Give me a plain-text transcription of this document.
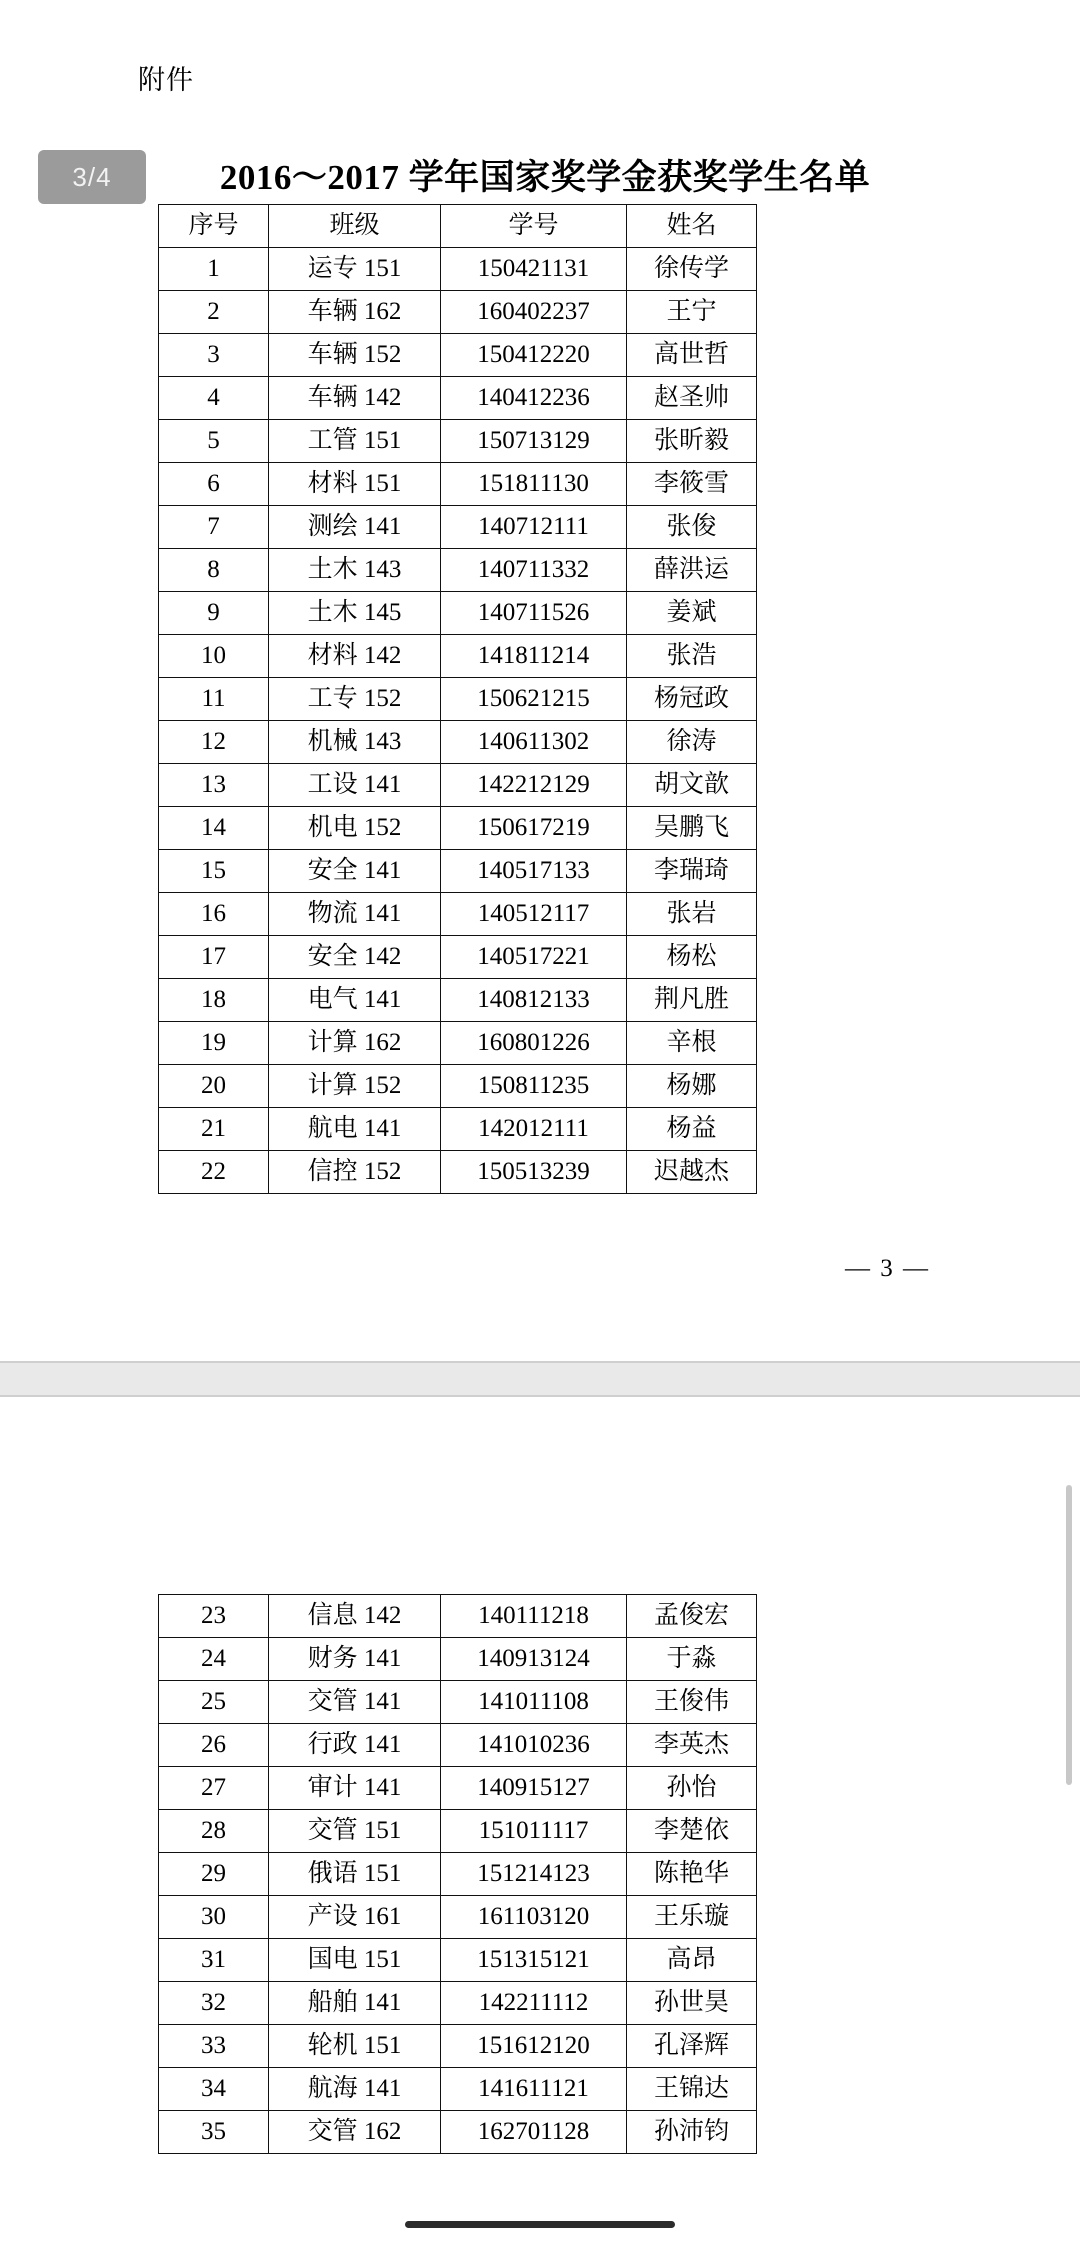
附件
3/4	2016～2017 学年国家奖学金获奖学生名单
序号	班级	学号	姓名
1	运专 151	150421131	徐传学
2	车辆 162	160402237	王宁
3	车辆 152	150412220	高世哲
4	车辆 142	140412236	赵圣帅
5	工管 151	150713129	张昕毅
6	材料 151	151811130	李筱雪
7	测绘 141	140712111	张俊
8	土木 143	140711332	薛洪运
9	土木 145	140711526	姜斌
10	材料 142	141811214	张浩
11	工专 152	150621215	杨冠政
12	机械 143	140611302	徐涛
13	工设 141	142212129	胡文歆
14	机电 152	150617219	吴鹏飞
15	安全 141	140517133	李瑞琦
16	物流 141	140512117	张岩
17	安全 142	140517221	杨松
18	电气 141	140812133	荆凡胜
19	计算 162	160801226	辛根
20	计算 152	150811235	杨娜
21	航电 141	142012111	杨益
22	信控 152	150513239	迟越杰
— 3 —
23	信息 142	140111218	孟俊宏
24	财务 141	140913124	于淼
25	交管 141	141011108	王俊伟
26	行政 141	141010236	李英杰
27	审计 141	140915127	孙怡
28	交管 151	151011117	李楚依
29	俄语 151	151214123	陈艳华
30	产设 161	161103120	王乐璇
31	国电 151	151315121	高昂
32	船舶 141	142211112	孙世昊
33	轮机 151	151612120	孔泽辉
34	航海 141	141611121	王锦达
35	交管 162	162701128	孙沛钧
